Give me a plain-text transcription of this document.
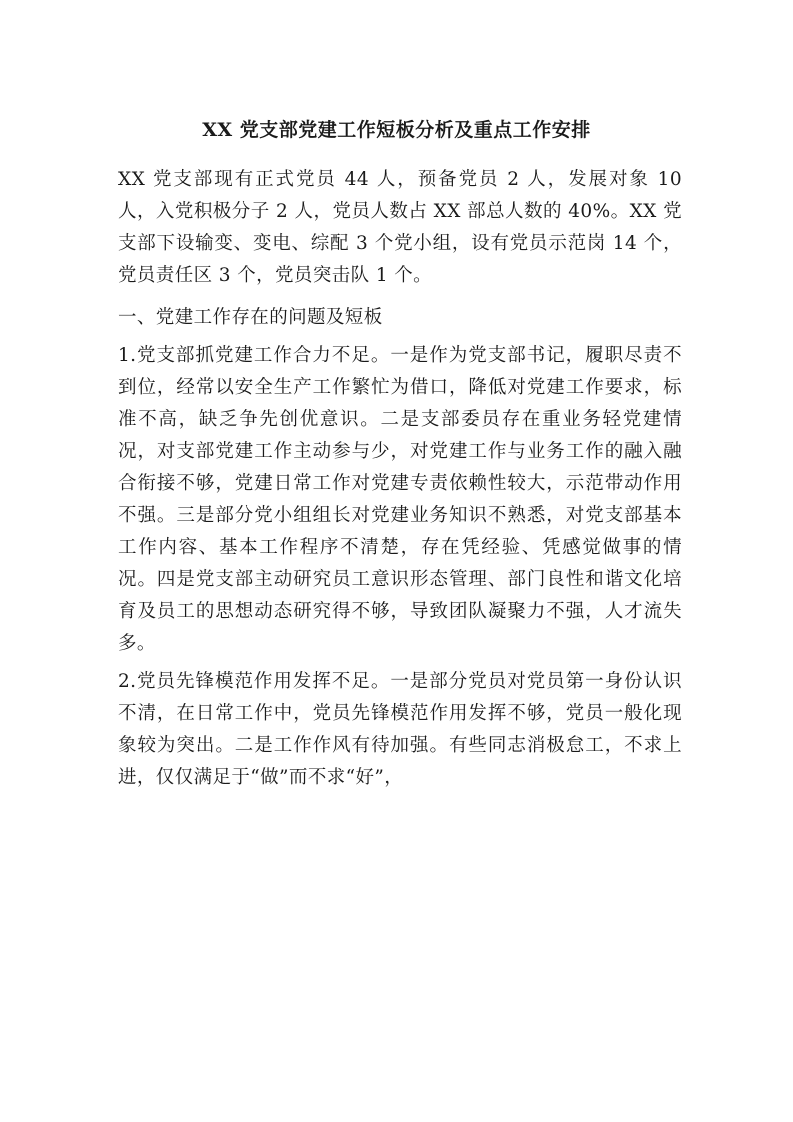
XX 党支部党建工作短板分析及重点工作安排

XX 党支部现有正式党员 44 人，预备党员 2 人，发展对象 10 人，入党积极分子 2 人，党员人数占 XX 部总人数的 40%。XX 党支部下设输变、变电、综配 3 个党小组，设有党员示范岗 14 个，党员责任区 3 个，党员突击队 1 个。

一、党建工作存在的问题及短板

1.党支部抓党建工作合力不足。一是作为党支部书记，履职尽责不到位，经常以安全生产工作繁忙为借口，降低对党建工作要求，标准不高，缺乏争先创优意识。二是支部委员存在重业务轻党建情况，对支部党建工作主动参与少，对党建工作与业务工作的融入融合衔接不够，党建日常工作对党建专责依赖性较大，示范带动作用不强。三是部分党小组组长对党建业务知识不熟悉，对党支部基本工作内容、基本工作程序不清楚，存在凭经验、凭感觉做事的情况。四是党支部主动研究员工意识形态管理、部门良性和谐文化培育及员工的思想动态研究得不够，导致团队凝聚力不强，人才流失多。

2.党员先锋模范作用发挥不足。一是部分党员对党员第一身份认识不清，在日常工作中，党员先锋模范作用发挥不够，党员一般化现象较为突出。二是工作作风有待加强。有些同志消极怠工，不求上进，仅仅满足于“做”而不求“好”，
